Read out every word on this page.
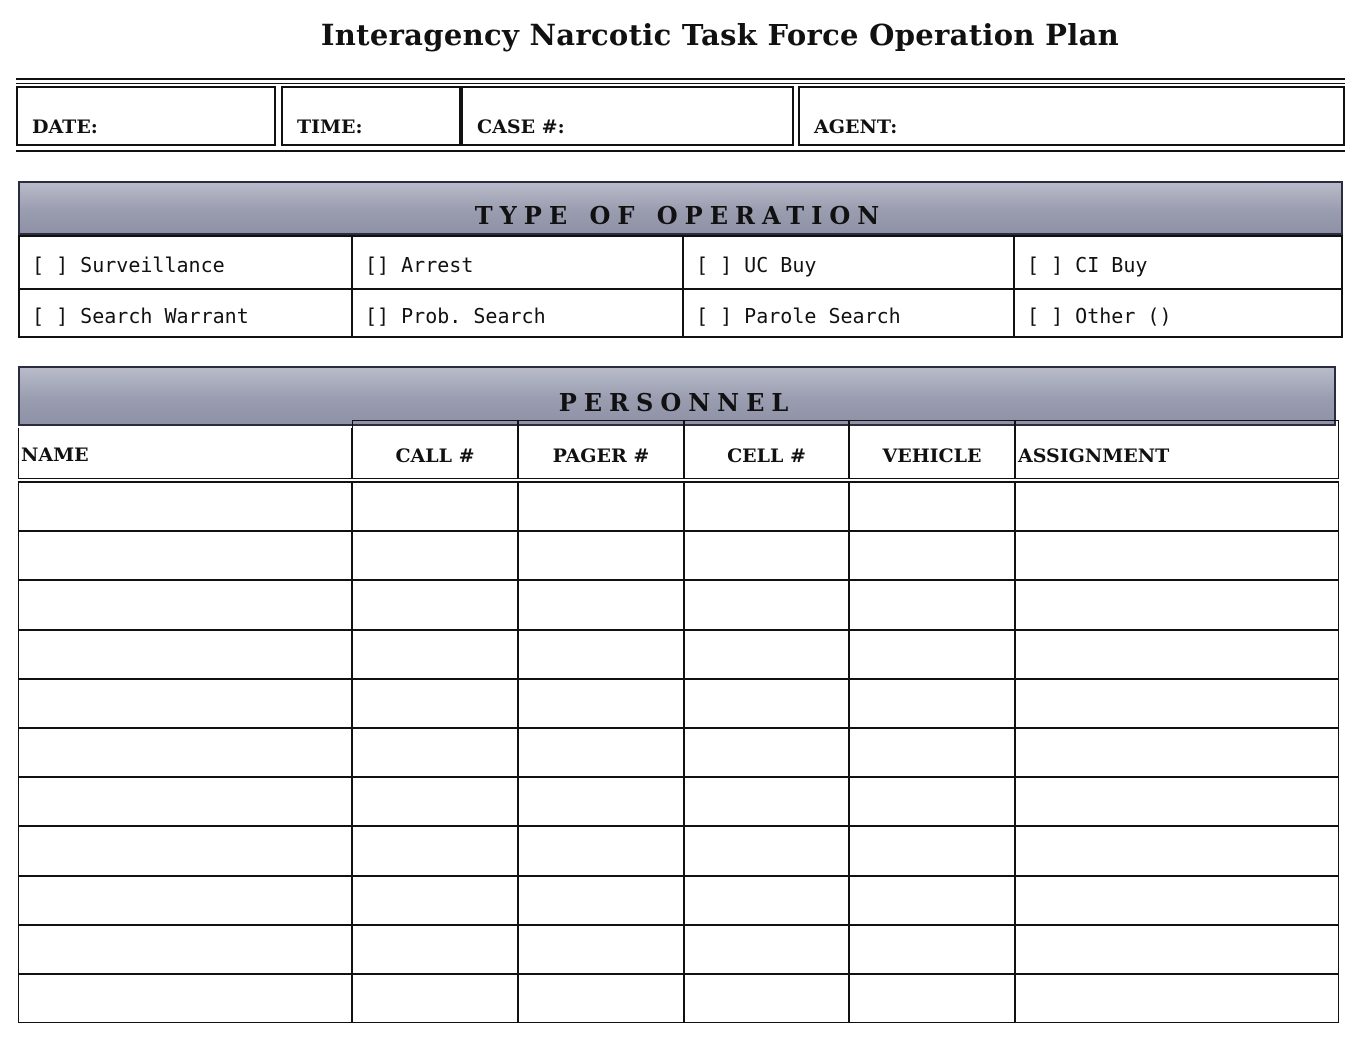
Interagency Narcotic Task Force Operation Plan
DATE:	TIME:	CASE #:	AGENT:
TYPE OF OPERATION
[ ] Surveillance	[] Arrest	[ ] UC Buy	[ ] CI Buy
[ ] Search Warrant	[] Prob. Search	[ ] Parole Search	[ ] Other ()
PERSONNEL
NAME	CALL #	PAGER #	CELL #	VEHICLE	ASSIGNMENT
